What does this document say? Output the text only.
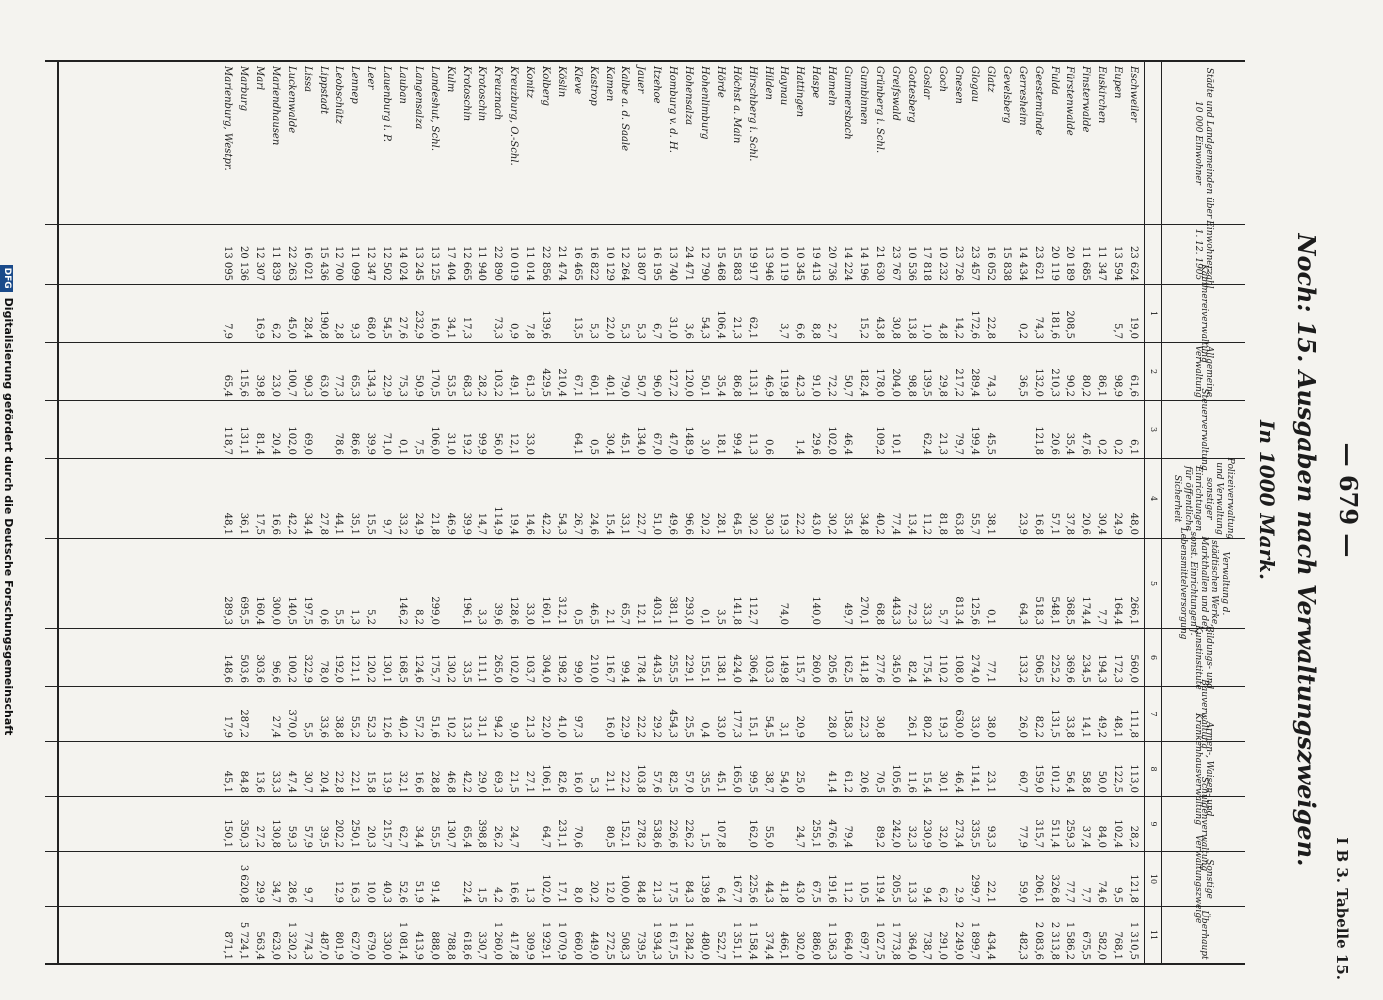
— 679 —
I B 3. Tabelle 15.
Noch: 15. Ausgaben nach Verwaltungszweigen.
In 1000 Mark.
Städte und Landgemeinden über 10 000 Einwohner
Eschweiler
Eupen
Euskirchen
Finsterwalde
Fürstenwalde
Fulda
Geestemünde
Gerresheim
Gevelsberg
Glatz
Glogau
Gnesen
Goch
Goslar
Gottesberg
Greifswald
Grünberg i. Schl.
Gumbinnen
Gummersbach
Hameln
Haspe
Hattingen
Haynau
Hilden
Hirschberg i. Schl.
Höchst a. Main
Hörde
Hohenlimburg
Hohensalza
Homburg v. d. H.
Itzehoe
Jauer
Kalbe a. d. Saale
Kamen
Kastrop
Kleve
Köslin
Kolberg
Konitz
Kreuzburg, O.-Schl.
Kreuznach
Krotoschin
Krotoschin
Kulm
Landeshut, Schl.
Langensalza
Lauban
Lauenburg i. P.
Leer
Lennep
Leobschütz
Lippstadt
Lissa
Luckenwalde
Mariendhausen
Marl
Marburg
Marienburg, Westpr.
Einwohnerzahl 1. 12. 1905
23 624
13 594
11 347
11 685
20 189
20 119
23 621
14 434
15 838
16 052
23 457
23 726
10 232
17 818
10 536
23 767
21 630
14 196
14 224
20 736
19 413
10 345
10 119
13 946
19 917
15 883
15 468
12 790
24 471
13 740
16 195
13 807
12 264
10 129
16 822
16 465
21 474
22 856
11 014
10 019
22 890
11 940
12 665
17 404
13 125
13 245
14 024
12 502
12 347
11 099
12 700
15 436
16 021
22 263
11 839
12 307
20 136
13 095
Kämmereiverwaltung
1
19,0
5,7
208,5
181,6
74,3
0,2
22,8
172,6
14,2
4,8
1,0
13,8
30,8
43,8
15,2
2,7
8,8
6,6
3,7
62,1
21,3
106,4
54,3
3,6
31,0
6,7
5,3
5,3
22,0
5,3
13,5
139,6
7,8
0,9
73,3
17,3
34,1
16,0
232,9
27,6
54,5
68,0
9,3
2,8
190,8
28,4
45,0
6,2
16,9
7,9
Allgemeine Verwaltung
2
61,6
98,9
86,1
80,2
90,2
210,3
132,0
36,5
74,3
289,4
217,2
29,8
139,5
98,8
204,0
178,0
182,4
50,7
72,2
91,0
42,3
119,8
46,9
113,1
86,8
35,4
50,1
120,0
127,2
96,0
50,7
79,0
40,1
60,1
67,1
210,4
429,5
61,3
49,1
103,2
28,2
68,3
53,5
170,5
50,9
75,3
22,9
134,3
65,3
77,3
63,0
90,3
100,7
23,0
39,8
115,6
65,4
Steuerverwaltung
3
6,1
0,2
0,2
47,6
35,4
20,6
121,8
45,5
199,4
79,7
21,3
62,4
10,1
109,2
46,4
102,0
29,6
1,4
0,6
11,3
99,4
18,1
3,0
148,9
47,0
67,0
134,0
45,1
30,4
0,5
64,1
33,0
12,1
56,0
99,9
19,2
31,0
106,0
7,5
0,1
71,0
39,9
86,6
78,6
69,0
102,0
20,4
81,4
131,1
118,7
Polizeiverwaltung und Verwaltung sonstiger Einrichtungen für öffentliche Sicherheit
4
48,0
24,9
30,4
20,6
37,8
57,1
16,8
23,9
38,1
55,7
63,8
81,8
11,2
13,4
77,4
40,2
34,8
35,4
30,2
43,0
22,2
19,3
30,3
30,2
64,5
28,1
20,2
96,6
49,6
51,0
22,7
33,1
15,4
24,6
26,7
54,3
42,2
14,6
19,4
114,9
14,7
39,9
46,9
21,8
24,9
33,2
9,7
15,5
35,1
44,1
27,8
34,4
42,2
16,6
17,5
36,1
48,1
Verwaltung d. städtischen Werke, Markthallen und der sonst. Einrichtungen f. Lebensmittelversorgung
5
266,1
164,4
7,7
174,4
368,5
548,1
518,3
64,3
0,1
125,6
813,4
5,7
33,3
72,3
443,3
68,8
270,1
49,7
140,0
74,0
112,7
141,8
3,5
0,1
293,0
381,1
403,1
12,1
65,7
2,1
46,5
0,5
312,1
160,1
33,0
128,6
39,6
3,3
196,1
299,0
8,2
146,2
5,2
1,3
5,5
0,6
197,5
140,5
300,0
160,4
695,5
289,3
Bildungs- und Kunstinstitute
6
560,0
172,3
194,3
234,5
369,6
225,2
506,5
133,2
77,1
274,0
108,0
110,2
175,4
82,4
345,0
277,6
141,8
162,5
205,6
260,0
115,7
149,8
103,3
306,4
424,0
138,1
155,1
229,1
255,5
443,5
178,4
99,4
116,7
210,0
99,0
198,2
304,0
103,7
102,0
265,0
111,1
33,5
130,2
175,7
124,6
168,5
130,1
120,2
121,1
192,0
78,0
322,9
100,2
96,6
303,6
503,6
148,6
Bauverwaltung
7
111,8
48,1
49,2
14,1
33,8
131,5
82,2
26,0
38,0
33,0
630,0
19,3
80,2
26,1
30,8
22,3
158,3
28,0
20,9
3,1
54,5
15,1
177,3
33,0
0,4
25,5
454,3
29,2
22,2
22,9
16,0
97,3
41,0
22,0
21,3
9,0
94,2
31,1
13,3
10,2
51,6
57,2
40,2
12,6
52,3
55,2
38,8
33,6
5,5
370,0
27,4
287,2
17,9	Armen-, Waisen- und Krankenhausverwaltung
8
113,0
122,5
50,0
58,8
56,4
101,2
159,0
60,7
23,1
114,1
46,4
30,1
15,4
11,6
105,6
70,5
20,6
61,2
41,4
25,0
54,0
38,7
99,5
165,0
45,1
35,5
57,0
82,5
57,6
103,8
22,2
21,1
5,3
16,0
82,6
106,1
27,1
21,5
69,3
29,0
42,2
46,8
28,8
16,6
32,1
13,9
15,8
22,1
22,8
20,4
30,7
47,4
33,3
13,6
84,8
45,1	Schuldenverwaltung
9
28,2
102,4
84,0
37,4
259,3
511,4
315,7
77,9
93,3
335,5
273,4
32,0
230,9
32,3
242,0
89,2
79,4
476,6
255,1
24,7
55,0
162,0
107,8
1,5
226,2
226,6
538,6
278,2
152,1
80,5
70,6
231,1
64,7
24,7
26,2
398,8
65,4
130,7
55,5
34,4
62,7
215,7
20,3
250,1
202,2
39,5
57,9
59,3
130,8
27,2
350,3
150,1
Sonstige Verwaltungszweige
10
121,8
9,5
74,6
7,7
77,7
326,8
206,1
59,0
22,1
299,7
2,9
6,2
9,4
13,3
205,5
119,4
10,5
11,2
191,6
67,5
43,0
41,8
44,3
225,6
167,7
6,4
139,8
84,3
17,5
21,3
84,8
100,0
12,0
20,2
8,0
17,1
102,0
1,3
16,6
4,2
1,5
22,4
91,4
51,9
52,6
40,3
10,0
16,3
12,9
9,7
28,6
34,7
29,9
3 620,8
Überhaupt
11
1 310,5
768,1
582,0
675,5
1 586,2
2 313,8
2 083,6
482,3
434,4
1 899,7
2 249,0
291,0
738,7
364,0
1 773,8
1 027,5
697,7
664,0
1 136,3
886,0
302,0
466,1
374,4
1 158,4
1 351,1
522,7
480,0
1 284,2
1 617,5
1 934,3
739,5
508,3
272,5
449,0
660,0
1 070,9
1 929,1
309,9
417,8
1 260,0
330,7
618,6
788,8
888,0
413,9
1 081,4
330,0
679,0
627,0
801,9
487,0
774,3
1 320,2
623,0
563,4
5 724,1
871,1
DFGDigitalisierung gefördert durch die Deutsche Forschungsgemeinschaft
